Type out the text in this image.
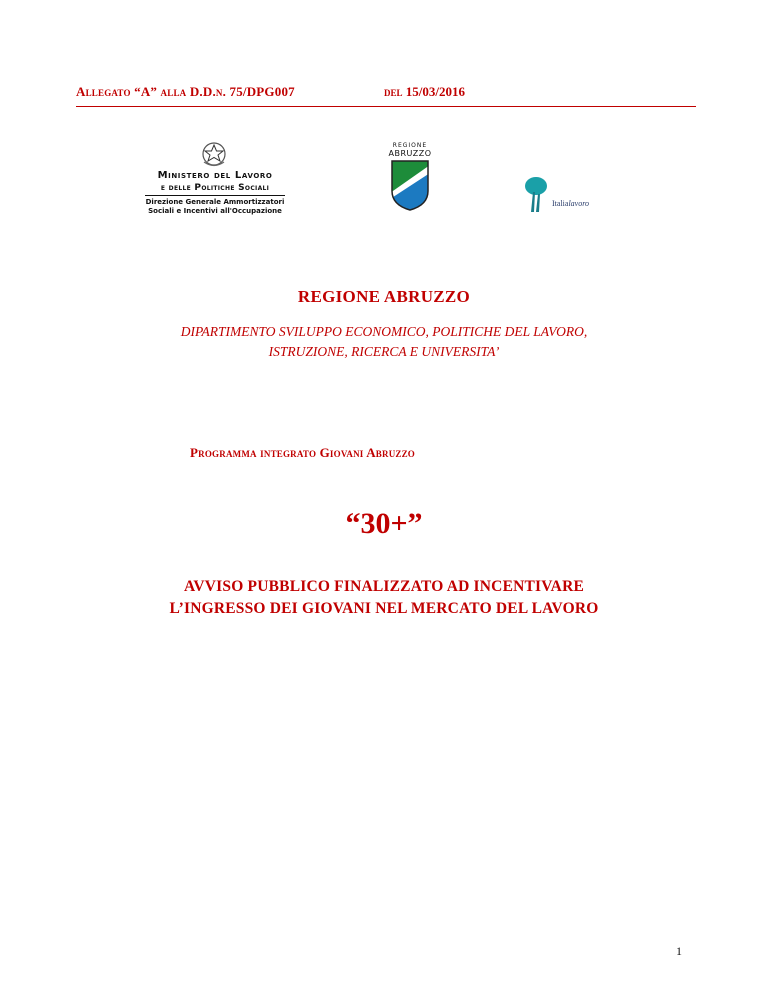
Allegato “A” alla D.D.n. 75/DPG007	del 15/03/2016
Ministero del Lavoro
e delle Politiche Sociali
Direzione Generale Ammortizzatori
Sociali e Incentivi all'Occupazione
REGIONE
ABRUZZO
Italialavoro
REGIONE ABRUZZO
DIPARTIMENTO SVILUPPO ECONOMICO, POLITICHE DEL LAVORO,
ISTRUZIONE, RICERCA E UNIVERSITA’
Programma integrato Giovani Abruzzo
“30+”
AVVISO PUBBLICO FINALIZZATO AD INCENTIVARE
L’INGRESSO DEI GIOVANI NEL MERCATO DEL LAVORO
1
